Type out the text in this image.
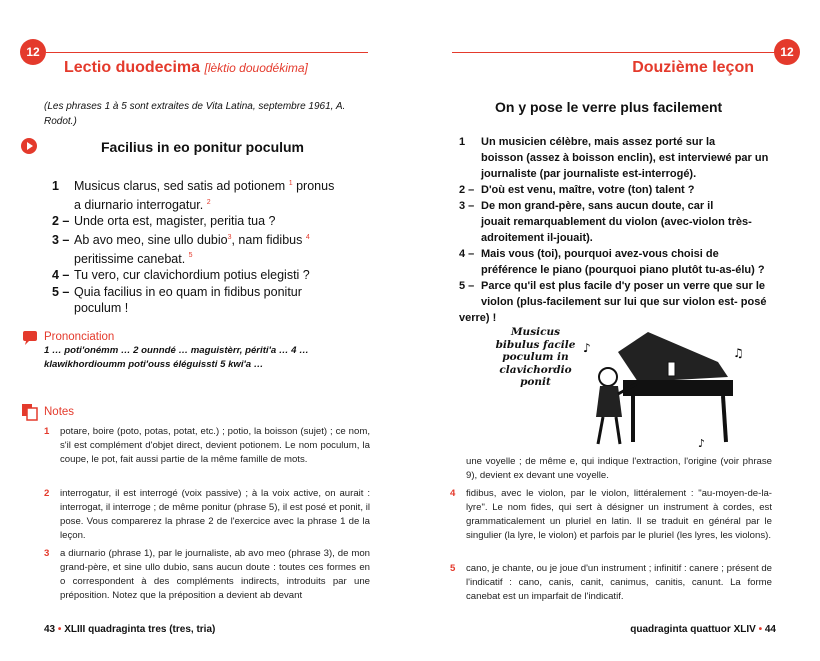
12
Lectio duodecima [lèktio douodékima]
(Les phrases 1 à 5 sont extraites de Vita Latina, septembre 1961, A. Rodot.)
Facilius in eo ponitur poculum
1 Musicus clarus, sed satis ad potionem $^1$ pronus
a diurnario interrogatur. $^2$
2 – Unde orta est, magister, peritia tua ?
3 – Ab avo meo, sine ullo dubio$^3$, nam fidibus $^4$
peritissime canebat. $^5$
4 – Tu vero, cur clavichordium potius elegisti ?
5 – Quia facilius in eo quam in fidibus ponitur
poculum !
Prononciation
1 … poti'onémm … 2 ounndé … maguistèrr, périti'a … 4 … klawikhordioumm poti'ouss éléguissti 5 kwi'a …
Notes
1	potare, boire (poto, potas, potat, etc.) ; potio, la boisson (sujet) ; ce nom, s'il est complément d'objet direct, devient potionem. Le nom poculum, la coupe, le pot, fait aussi partie de la même famille de mots.
2	interrogatur, il est interrogé (voix passive) ; à la voix active, on aurait : interrogat, il interroge ; de même ponitur (phrase 5), il est posé et ponit, il pose. Vous comparerez la phrase 2 de l'exercice avec la phrase 1 de la leçon.
3	a diurnario (phrase 1), par le journaliste, ab avo meo (phrase 3), de mon grand-père, et sine ullo dubio, sans aucun doute : toutes ces formes en o correspondent à des compléments indirects, introduits par une préposition. Notez que la préposition a devient ab devant
43 • XLIII quadraginta tres (tres, tria)
12
Douzième leçon
On y pose le verre plus facilement
1 Un musicien célèbre, mais assez porté sur la
boisson (assez à boisson enclin), est interviewé par un
journaliste (par journaliste est-interrogé).
2 – D'où est venu, maître, votre (ton) talent ?
3 – De mon grand-père, sans aucun doute, car il
jouait remarquablement du violon (avec-violon très-
adroitement il-jouait).
4 – Mais vous (toi), pourquoi avez-vous choisi de
préférence le piano (pourquoi piano plutôt tu-as-élu) ?
5 – Parce qu'il est plus facile d'y poser un verre que sur le
violon (plus-facilement sur lui que sur violon est- posé verre) !
Musicus
bibulus facile
poculum in
clavichordio
ponit
♪	♫
♪
une voyelle ; de même e, qui indique l'extraction, l'origine (voir phrase 9), devient ex devant une voyelle.
4	fidibus, avec le violon, par le violon, littéralement : "au-moyen-de-la-lyre". Le nom fides, qui sert à désigner un instrument à cordes, est grammaticalement un pluriel en latin. Il se traduit en général par le singulier (la lyre, le violon) et parfois par le pluriel (les lyres, les violons).
5	cano, je chante, ou je joue d'un instrument ; infinitif : canere ; présent de l'indicatif : cano, canis, canit, canimus, canitis, canunt. La forme canebat est un imparfait de l'indicatif.
quadraginta quattuor XLIV • 44
